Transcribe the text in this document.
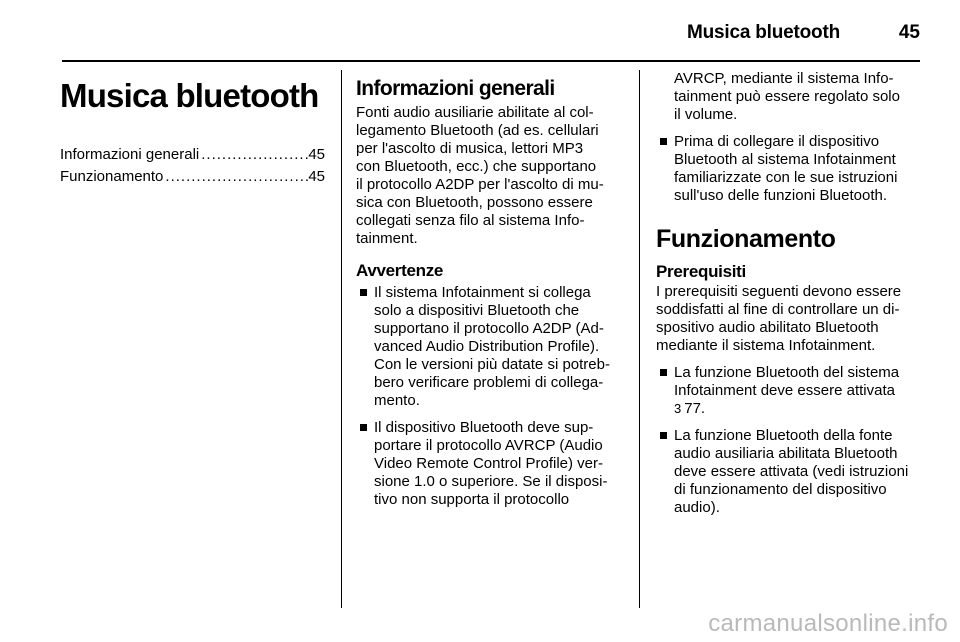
Musica bluetooth	45
Musica bluetooth
Informazioni generali .....	45
Funzionamento .....	45
Informazioni generali

Fonti audio ausiliarie abilitate al col-
legamento Bluetooth (ad es. cellulari
per l'ascolto di musica, lettori MP3
con Bluetooth, ecc.) che supportano
il protocollo A2DP per l'ascolto di mu-
sica con Bluetooth, possono essere
collegati senza filo al sistema Info-
tainment.

Avvertenze
Il sistema Infotainment si collega
solo a dispositivi Bluetooth che
supportano il protocollo A2DP (Ad-
vanced Audio Distribution Profile).
Con le versioni più datate si potreb-
bero verificare problemi di collega-
mento.
Il dispositivo Bluetooth deve sup-
portare il protocollo AVRCP (Audio
Video Remote Control Profile) ver-
sione 1.0 o superiore. Se il disposi-
tivo non supporta il protocollo
AVRCP, mediante il sistema Info-
tainment può essere regolato solo
il volume.
Prima di collegare il dispositivo
Bluetooth al sistema Infotainment
familiarizzate con le sue istruzioni
sull'uso delle funzioni Bluetooth.
Funzionamento
Prerequisiti

I prerequisiti seguenti devono essere
soddisfatti al fine di controllare un di-
spositivo audio abilitato Bluetooth
mediante il sistema Infotainment.

La funzione Bluetooth del sistema
Infotainment deve essere attivata
3 77.
La funzione Bluetooth della fonte
audio ausiliaria abilitata Bluetooth
deve essere attivata (vedi istruzioni
di funzionamento del dispositivo
audio).
carmanualsonline.info
